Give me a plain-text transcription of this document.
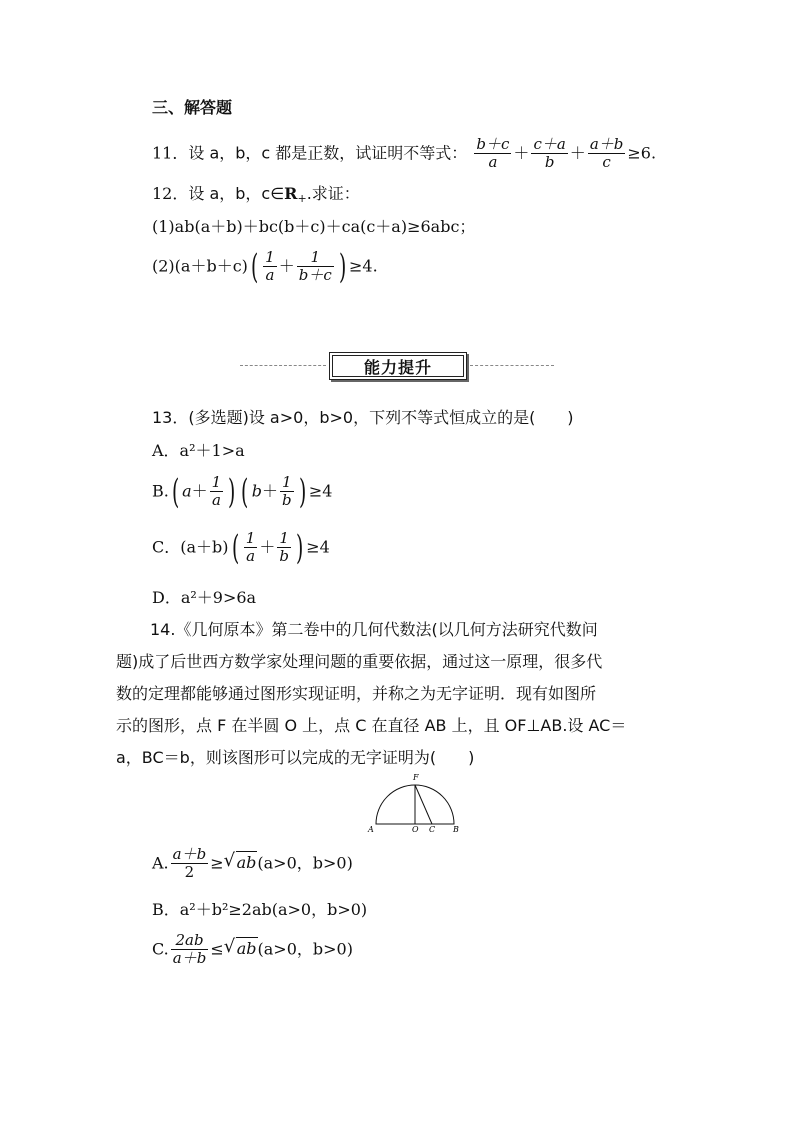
三、解答题
11．设 a，b，c 都是正数，试证明不等式： $\frac{b+c}{a} + \frac{c+a}{b} + \frac{a+b}{c} \ge 6$.
12．设 a，b，$c\in R_+$.求证：
(1)ab(a＋b)＋bc(b＋c)＋ca(c＋a)≥6abc；
$(2)(a+b+c)( \frac{1}{a} + \frac{1}{b+c}$ ) ≥4.
能力提升
13．(多选题)设 a>0，b>0，下列不等式恒成立的是(　　)
A．a²＋1>a
B.( $a+ \frac{1}{a}$ ) ( $b+ \frac{1}{b}$ ) ≥4
C．$(a+b)( \frac{1}{a} + \frac{1}{b}$ ) ≥4
D．a²＋9>6a
14.《几何原本》第二卷中的几何代数法(以几何方法研究代数问
题)成了后世西方数学家处理问题的重要依据，通过这一原理，很多代
数的定理都能够通过图形实现证明，并称之为无字证明．现有如图所
示的图形，点 F 在半圆 O 上，点 C 在直径 AB 上，且 OF⊥AB.设 AC＝
a，BC＝b，则该图形可以完成的无字证明为(　　)
A	O C B
F
A. $\frac{a+b}{2}$ ≥ √ ab(a>0，b>0)
B．a²＋b²≥2ab(a>0，b>0)
C. $\frac{2ab}{a+b}$ ≤ √ ab(a>0，b>0)
